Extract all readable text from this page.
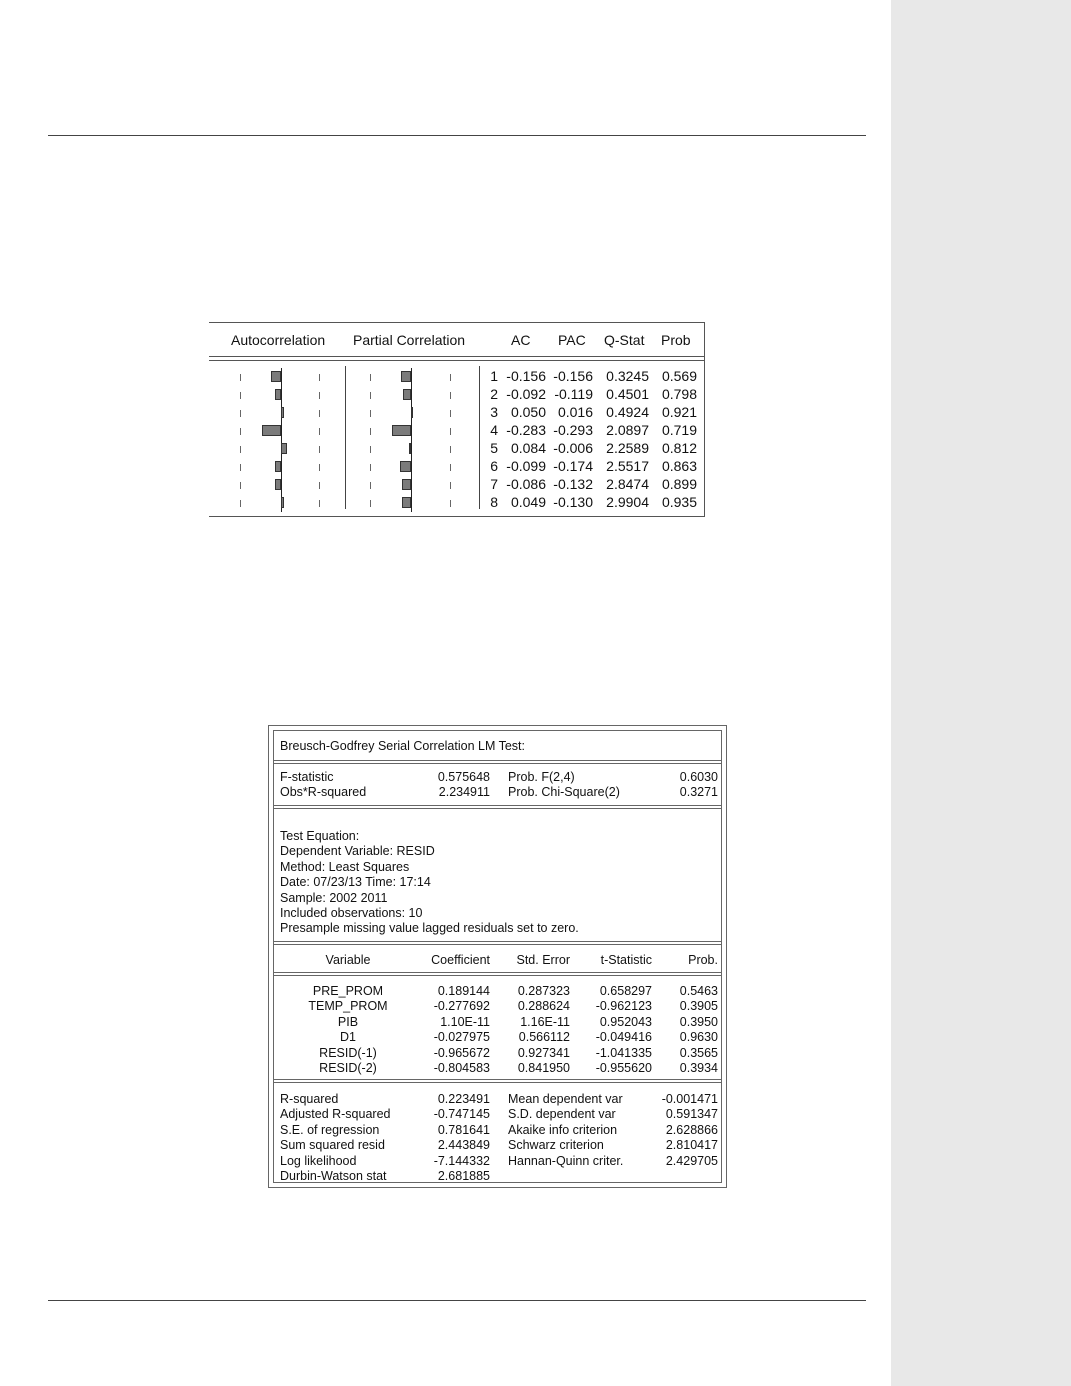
Autocorrelation Partial Correlation	AC PAC Q-Stat Prob
1 -0.156 -0.156 0.3245 0.569
2 -0.092 -0.119 0.4501 0.798
3 0.050 0.016 0.4924 0.921
4 -0.283 -0.293 2.0897 0.719
5 0.084 -0.006 2.2589 0.812
6 -0.099 -0.174 2.5517 0.863
7 -0.086 -0.132 2.8474 0.899
8 0.049 -0.130 2.9904 0.935
Breusch-Godfrey Serial Correlation LM Test:
F-statistic	0.575648 Prob. F(2,4)	0.6030
Obs*R-squared	2.234911 Prob. Chi-Square(2)	0.3271
Test Equation:
Dependent Variable: RESID
Method: Least Squares
Date: 07/23/13 Time: 17:14
Sample: 2002 2011
Included observations: 10
Presample missing value lagged residuals set to zero.
Variable	Coefficient	Std. Error	t-Statistic	Prob.
PRE_PROM	0.189144	0.287323	0.658297	0.5463
TEMP_PROM	-0.277692	0.288624	-0.962123	0.3905
PIB	1.10E-11	1.16E-11	0.952043	0.3950
D1	-0.027975	0.566112	-0.049416	0.9630
RESID(-1)	-0.965672	0.927341	-1.041335	0.3565
RESID(-2)	-0.804583	0.841950	-0.955620	0.3934
R-squared	0.223491 Mean dependent var	-0.001471
Adjusted R-squared	-0.747145 S.D. dependent var	0.591347
S.E. of regression	0.781641 Akaike info criterion	2.628866
Sum squared resid	2.443849 Schwarz criterion	2.810417
Log likelihood	-7.144332 Hannan-Quinn criter.	2.429705
Durbin-Watson stat	2.681885
